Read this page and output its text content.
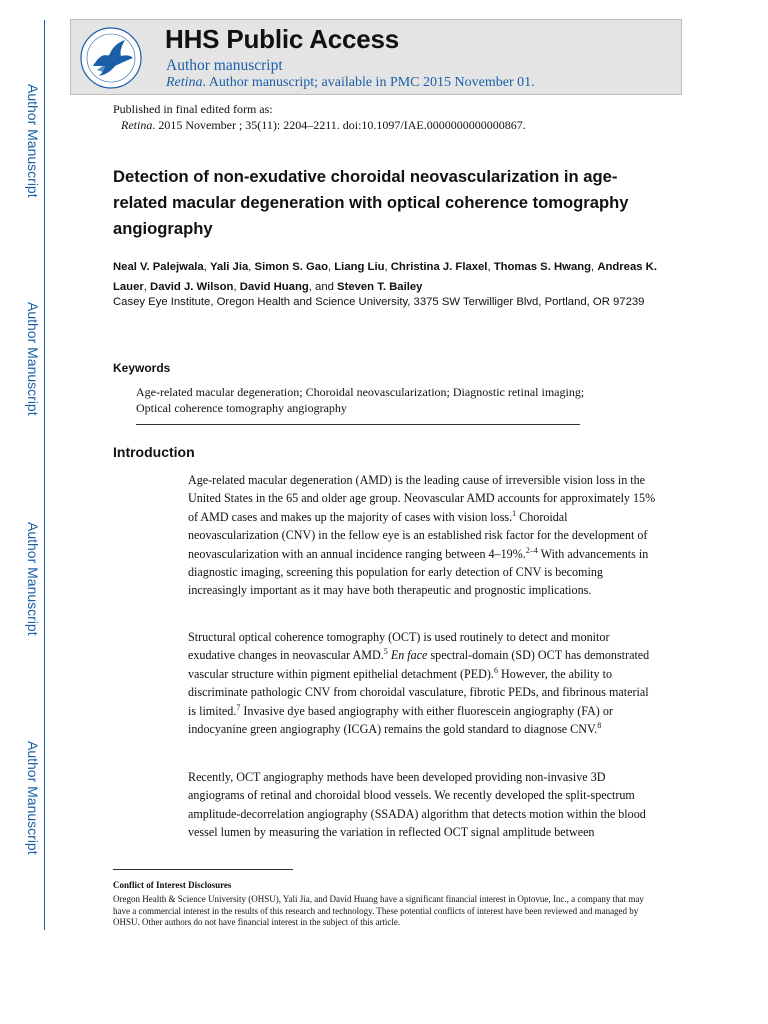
Author Manuscript
Author Manuscript
Author Manuscript
Author Manuscript
HHS Public Access
Author manuscript
Retina. Author manuscript; available in PMC 2015 November 01.
Published in final edited form as:
Retina. 2015 November ; 35(11): 2204–2211. doi:10.1097/IAE.0000000000000867.
Detection of non-exudative choroidal neovascularization in age-related macular degeneration with optical coherence tomography angiography
Neal V. Palejwala, Yali Jia, Simon S. Gao, Liang Liu, Christina J. Flaxel, Thomas S. Hwang, Andreas K. Lauer, David J. Wilson, David Huang, and Steven T. Bailey
Casey Eye Institute, Oregon Health and Science University, 3375 SW Terwilliger Blvd, Portland, OR 97239
Keywords
Age-related macular degeneration; Choroidal neovascularization; Diagnostic retinal imaging; Optical coherence tomography angiography
Introduction
Age-related macular degeneration (AMD) is the leading cause of irreversible vision loss in the United States in the 65 and older age group. Neovascular AMD accounts for approximately 15% of AMD cases and makes up the majority of cases with vision loss.$^1$ Choroidal neovascularization (CNV) in the fellow eye is an established risk factor for the development of neovascularization with an annual incidence ranging between 4–19%.$^{2-4}$ With advancements in diagnostic imaging, screening this population for early detection of CNV is becoming increasingly important as it may have both therapeutic and prognostic implications.
Structural optical coherence tomography (OCT) is used routinely to detect and monitor exudative changes in neovascular AMD.$^5$ En face spectral-domain (SD) OCT has demonstrated vascular structure within pigment epithelial detachment (PED).$^6$ However, the ability to discriminate pathologic CNV from choroidal vasculature, fibrotic PEDs, and fibrinous material is limited.$^7$ Invasive dye based angiography with either fluorescein angiography (FA) or indocyanine green angiography (ICGA) remains the gold standard to diagnose CNV.$^8$
Recently, OCT angiography methods have been developed providing non-invasive 3D angiograms of retinal and choroidal blood vessels. We recently developed the split-spectrum amplitude-decorrelation angiography (SSADA) algorithm that detects motion within the blood vessel lumen by measuring the variation in reflected OCT signal amplitude between
Conflict of Interest Disclosures
Oregon Health & Science University (OHSU), Yali Jia, and David Huang have a significant financial interest in Optovue, Inc., a company that may have a commercial interest in the results of this research and technology. These potential conflicts of interest have been reviewed and managed by OHSU. Other authors do not have financial interest in the subject of this article.
